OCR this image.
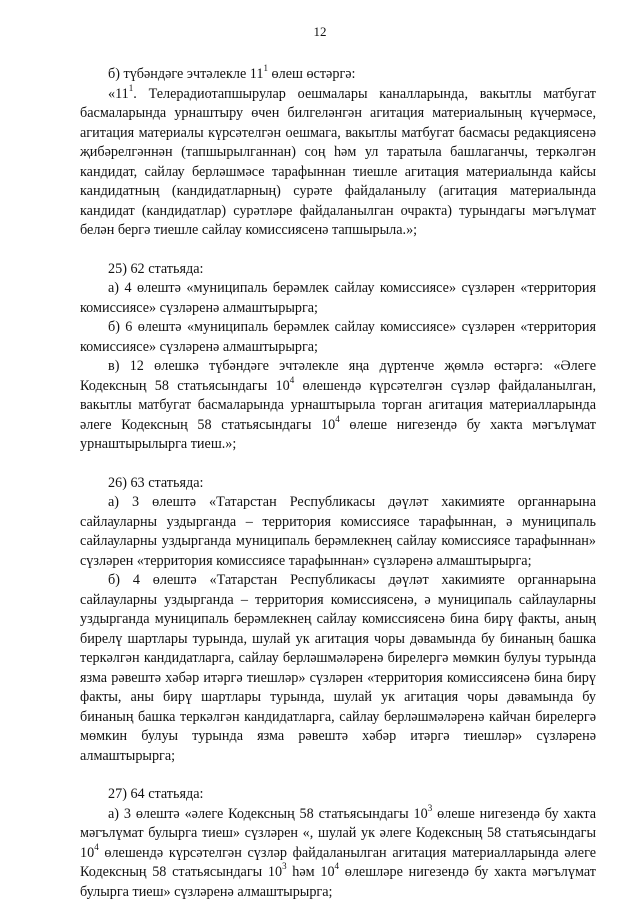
12

б) түбәндәге эчтәлекле $11^1$ өлеш өстәргә:

«$11^1$. Телерадиотапшырулар оешмалары каналларында, вакытлы матбугат басмаларында урнаштыру өчен билгеләнгән агитация материалының күчермәсе, агитация материалы күрсәтелгән оешмага, вакытлы матбугат басмасы редакциясенә җибәрелгәннән (тапшырылганнан) соң һәм ул таратыла башлаганчы, теркәлгән кандидат, сайлау берләшмәсе тарафыннан тиешле агитация материалында кайсы кандидатның (кандидатларның) сурәте файдаланылу (агитация материалында кандидат (кандидатлар) сурәтләре файдаланылган очракта) турындагы мәгълүмат белән бергә тиешле сайлау комиссиясенә тапшырыла.»;

25) 62 статьяда:

а) 4 өлештә «муниципаль берәмлек сайлау комиссиясе» сүзләрен «территория комиссиясе» сүзләренә алмаштырырга;

б) 6 өлештә «муниципаль берәмлек сайлау комиссиясе» сүзләрен «территория комиссиясе» сүзләренә алмаштырырга;

в) 12 өлешкә түбәндәге эчтәлекле яңа дүртенче җөмлә өстәргә: «Әлеге Кодексның 58 статьясындагы $10^4$ өлешендә күрсәтелгән сүзләр файдаланылган, вакытлы матбугат басмаларында урнаштырыла торган агитация материалларында әлеге Кодексның 58 статьясындагы $10^4$ өлеше нигезендә бу хакта мәгълүмат урнаштырылырга тиеш.»;

26) 63 статьяда:

а) 3 өлештә «Татарстан Республикасы дәүләт хакимияте органнарына сайлауларны уздырганда – территория комиссиясе тарафыннан, ә муниципаль сайлауларны уздырганда муниципаль берәмлекнең сайлау комиссиясе тарафыннан» сүзләрен «территория комиссиясе тарафыннан» сүзләренә алмаштырырга;

б) 4 өлештә «Татарстан Республикасы дәүләт хакимияте органнарына сайлауларны уздырганда – территория комиссиясенә, ә муниципаль сайлауларны уздырганда муниципаль берәмлекнең сайлау комиссиясенә бина бирү факты, аның бирелү шартлары турында, шулай ук агитация чоры дәвамында бу бинаның башка теркәлгән кандидатларга, сайлау берләшмәләренә бирелергә мөмкин булуы турында язма рәвештә хәбәр итәргә тиешләр» сүзләрен «территория комиссиясенә бина бирү факты, аны бирү шартлары турында, шулай ук агитация чоры дәвамында бу бинаның башка теркәлгән кандидатларга, сайлау берләшмәләренә кайчан бирелергә мөмкин булуы турында язма рәвештә хәбәр итәргә тиешләр» сүзләренә алмаштырырга;

27) 64 статьяда:

а) 3 өлештә «әлеге Кодексның 58 статьясындагы $10^3$ өлеше нигезендә бу хакта мәгълүмат булырга тиеш» сүзләрен «, шулай ук әлеге Кодексның 58 статьясындагы $10^4$ өлешендә күрсәтелгән сүзләр файдаланылган агитация материалларында әлеге Кодексның 58 статьясындагы $10^3$ һәм $10^4$ өлешләре нигезендә бу хакта мәгълүмат булырга тиеш» сүзләренә алмаштырырга;
